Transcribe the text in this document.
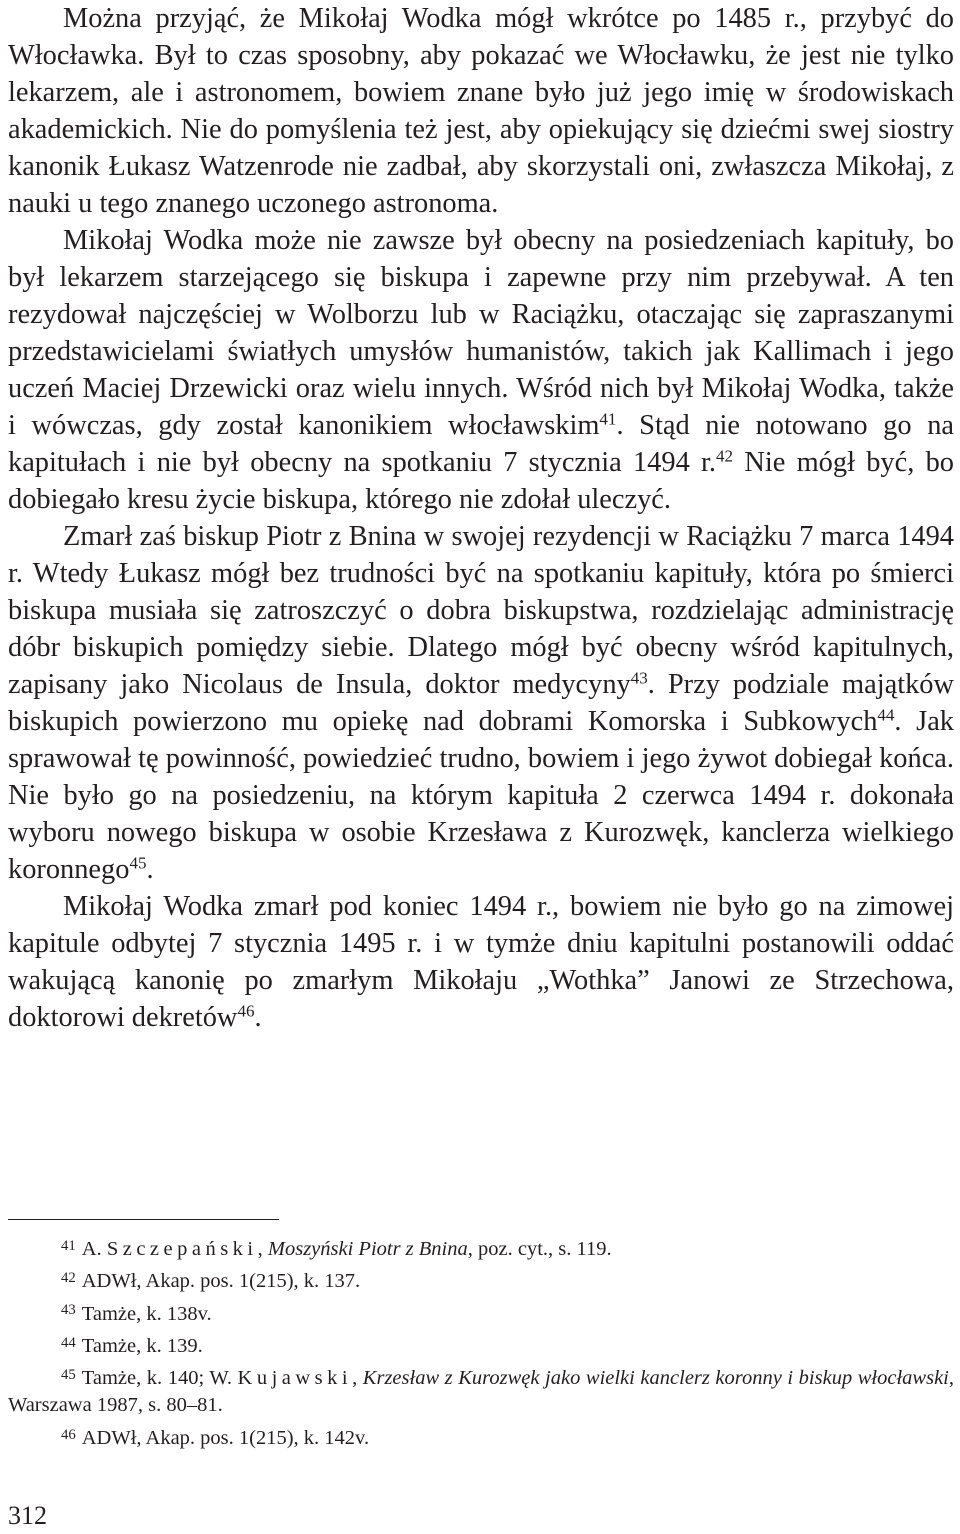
Można przyjąć, że Mikołaj Wodka mógł wkrótce po 1485 r., przybyć do Włocławka. Był to czas sposobny, aby pokazać we Włocławku, że jest nie tylko lekarzem, ale i astronomem, bowiem znane było już jego imię w środowiskach akademickich. Nie do pomyślenia też jest, aby opiekujący się dziećmi swej siostry kanonik Łukasz Watzenrode nie zadbał, aby skorzystali oni, zwłaszcza Mikołaj, z nauki u tego znanego uczonego astronoma.

Mikołaj Wodka może nie zawsze był obecny na posiedzeniach kapituły, bo był lekarzem starzejącego się biskupa i zapewne przy nim przebywał. A ten rezydował najczęściej w Wolborzu lub w Raciążku, otaczając się zapraszanymi przedstawicielami światłych umysłów humanistów, takich jak Kallimach i jego uczeń Maciej Drzewicki oraz wielu innych. Wśród nich był Mikołaj Wodka, także i wówczas, gdy został kanonikiem włocławskim$^{41}$. Stąd nie notowano go na kapitułach i nie był obecny na spotkaniu 7 stycznia 1494 r.$^{42}$ Nie mógł być, bo dobiegało kresu życie biskupa, którego nie zdołał uleczyć.

Zmarł zaś biskup Piotr z Bnina w swojej rezydencji w Raciążku 7 marca 1494 r. Wtedy Łukasz mógł bez trudności być na spotkaniu kapituły, która po śmierci biskupa musiała się zatroszczyć o dobra biskupstwa, rozdzielając administrację dóbr biskupich pomiędzy siebie. Dlatego mógł być obecny wśród kapitulnych, zapisany jako Nicolaus de Insula, doktor medycyny$^{43}$. Przy podziale majątków biskupich powierzono mu opiekę nad dobrami Komorska i Subkowych$^{44}$. Jak sprawował tę powinność, powiedzieć trudno, bowiem i jego żywot dobiegał końca. Nie było go na posiedzeniu, na którym kapituła 2 czerwca 1494 r. dokonała wyboru nowego biskupa w osobie Krzesława z Kurozwęk, kanclerza wielkiego koronnego$^{45}$.

Mikołaj Wodka zmarł pod koniec 1494 r., bowiem nie było go na zimowej kapitule odbytej 7 stycznia 1495 r. i w tymże dniu kapitulni postanowili oddać wakującą kanonię po zmarłym Mikołaju „Wothka” Janowi ze Strzechowa, doktorowi dekretów$^{46}$.

$^{41}$ A. Szczepański, Moszyński Piotr z Bnina, poz. cyt., s. 119.

$^{42}$ ADWł, Akap. pos. 1(215), k. 137.

$^{43}$ Tamże, k. 138v.

$^{44}$ Tamże, k. 139.

$^{45}$ Tamże, k. 140; W. Kujawski, Krzesław z Kurozwęk jako wielki kanclerz koronny i biskup włocławski, Warszawa 1987, s. 80–81.

$^{46}$ ADWł, Akap. pos. 1(215), k. 142v.

312
